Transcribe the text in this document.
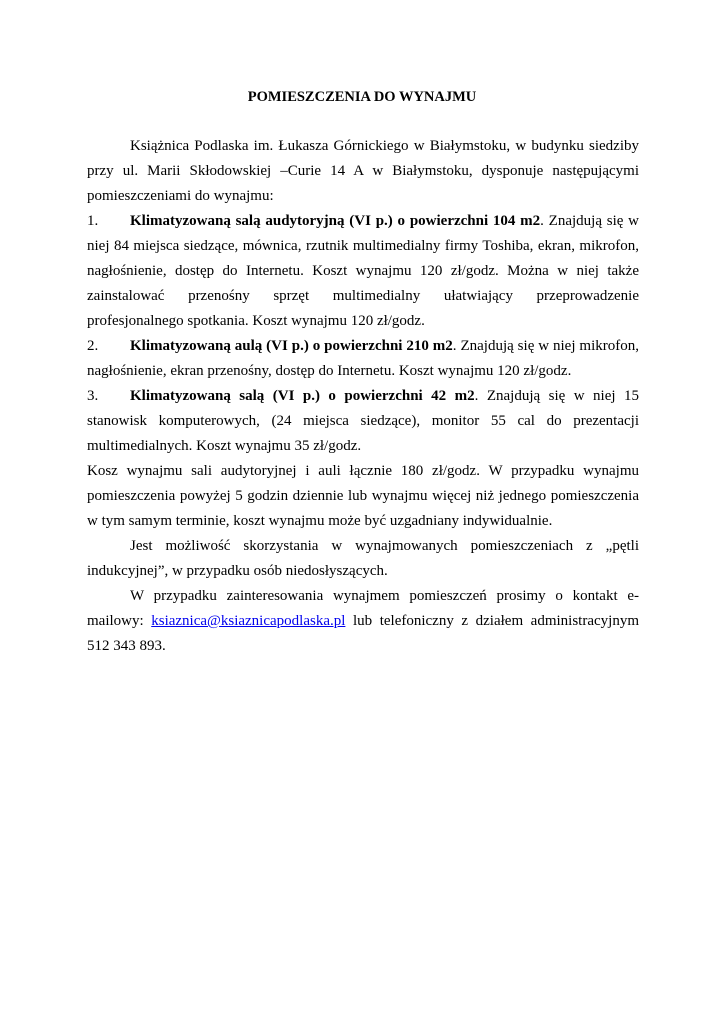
POMIESZCZENIA DO WYNAJMU

Książnica Podlaska im. Łukasza Górnickiego w Białymstoku, w budynku siedziby przy ul. Marii Skłodowskiej –Curie 14 A w Białymstoku, dysponuje następującymi pomieszczeniami do wynajmu:

1. Klimatyzowaną salą audytoryjną (VI p.) o powierzchni 104 m2. Znajdują się w niej 84 miejsca siedzące, mównica, rzutnik multimedialny firmy Toshiba, ekran, mikrofon, nagłośnienie, dostęp do Internetu. Koszt wynajmu 120 zł/godz. Można w niej także zainstalować przenośny sprzęt multimedialny ułatwiający przeprowadzenie profesjonalnego spotkania. Koszt wynajmu 120 zł/godz.

2. Klimatyzowaną aulą (VI p.) o powierzchni 210 m2. Znajdują się w niej mikrofon, nagłośnienie, ekran przenośny, dostęp do Internetu. Koszt wynajmu 120 zł/godz.

3. Klimatyzowaną salą (VI p.) o powierzchni 42 m2. Znajdują się w niej 15 stanowisk komputerowych, (24 miejsca siedzące), monitor 55 cal do prezentacji multimedialnych. Koszt wynajmu 35 zł/godz.

Kosz wynajmu sali audytoryjnej i auli łącznie 180 zł/godz. W przypadku wynajmu pomieszczenia powyżej 5 godzin dziennie lub wynajmu więcej niż jednego pomieszczenia w tym samym terminie, koszt wynajmu może być uzgadniany indywidualnie.

Jest możliwość skorzystania w wynajmowanych pomieszczeniach z „pętli indukcyjnej”, w przypadku osób niedosłyszących.

W przypadku zainteresowania wynajmem pomieszczeń prosimy o kontakt e-mailowy: ksiaznica@ksiaznicapodlaska.pl lub telefoniczny z działem administracyjnym 512 343 893.
